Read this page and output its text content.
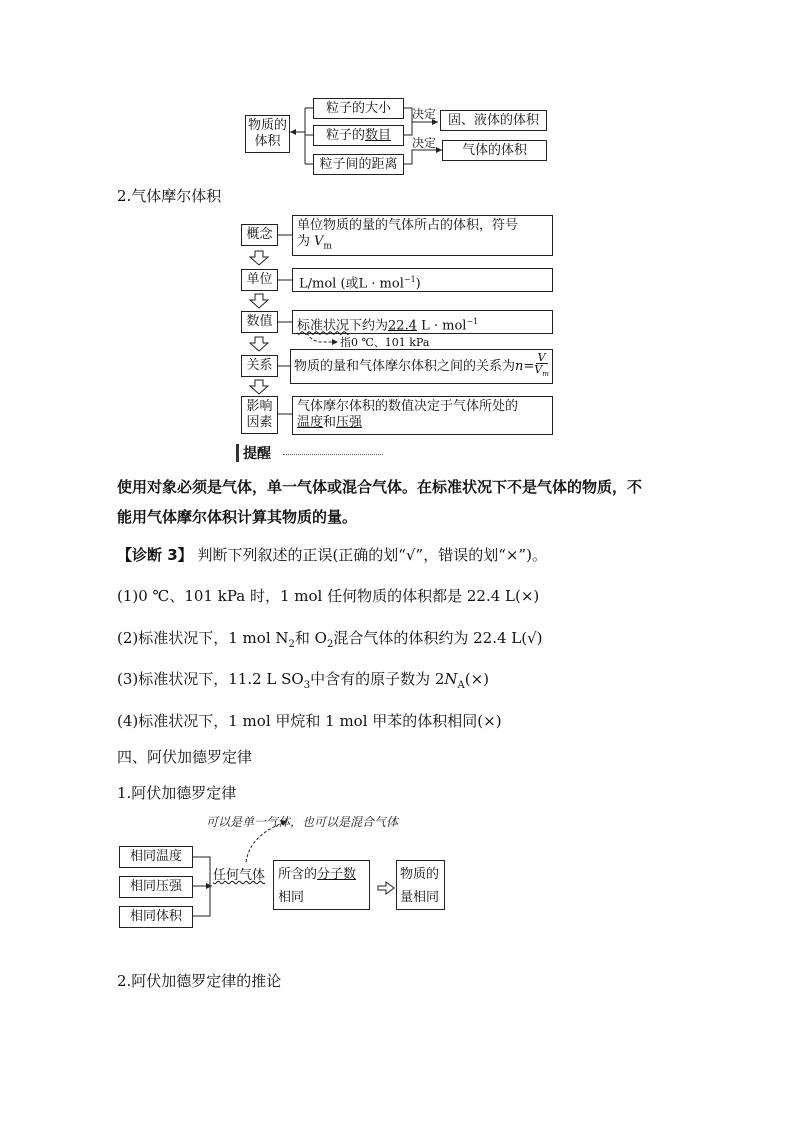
物质的
体积
粒子的大小
粒子的 数目
粒子间的距离
决定
决定
固、液体的体积
气体的体积
2.气体摩尔体积
概念
单位物质的量的气体所占的体积，符号
为 $V_m$
单位	L/mol (或L · mol$^{-1}$)
数值	标准状况下约为22.4 L · mol$^{-1}$
指0 ℃、101 kPa
关系	物质的量和气体摩尔体积之间的关系为 $n = \frac{V}{V_m}$
影响
因素
气体摩尔体积的数值决定于气体所处的
温度和压强
提醒
使用对象必须是气体，单一气体或混合气体。在标准状况下不是气体的物质，不
能用气体摩尔体积计算其物质的量。
【诊断 3】 判断下列叙述的正误(正确的划“√”，错误的划“×”)。
(1)0 ℃、101 kPa 时，1 mol 任何物质的体积都是 22.4 L(×)
(2)标准状况下，1 mol $N_2$和 $O_2$混合气体的体积约为 22.4 L(√)
(3)标准状况下，11.2 L $SO_3$中含有的原子数为 $2N_A(\times)$
(4)标准状况下，1 mol 甲烷和 1 mol 甲苯的体积相同(×)
四、阿伏加德罗定律
1.阿伏加德罗定律
可以是单一气体，也可以是混合气体
相同温度
相同压强
相同体积
任何气体 所含的分子数
相同
物质的
量相同
2.阿伏加德罗定律的推论
